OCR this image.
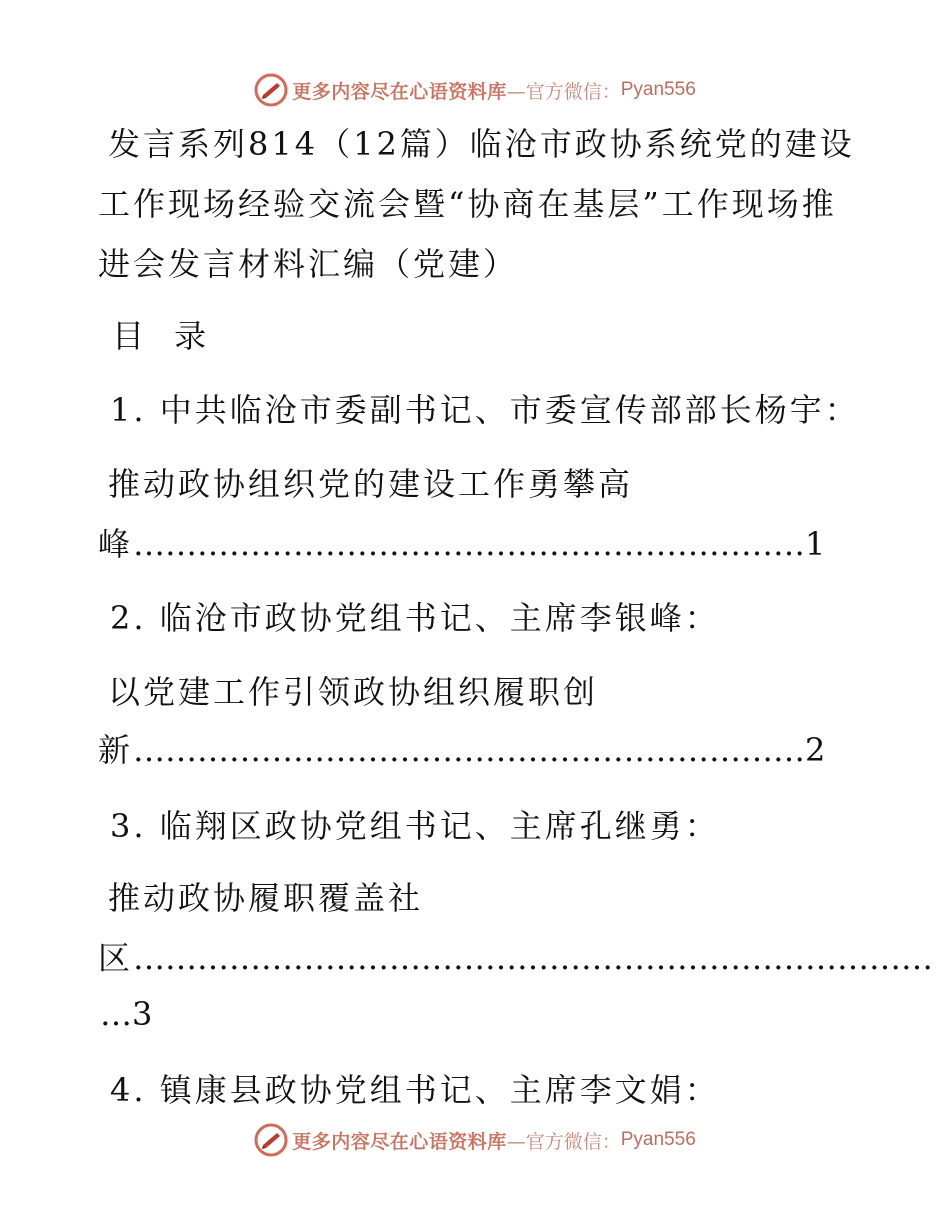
更多内容尽在心语资料库 —官方微信： Pyan556
发言系列814（12篇）临沧市政协系统党的建设
工作现场经验交流会暨“协商在基层”工作现场推
进会发言材料汇编（党建）
目 录
1. 中共临沧市委副书记、市委宣传部部长杨宇：
推动政协组织党的建设工作勇攀高
峰………………………………………………………1
2. 临沧市政协党组书记、主席李银峰：
以党建工作引领政协组织履职创
新………………………………………………………2
3. 临翔区政协党组书记、主席孔继勇：
推动政协履职覆盖社
区…………………………………………………………………
…3
4. 镇康县政协党组书记、主席李文娟：
更多内容尽在心语资料库 —官方微信： Pyan556
